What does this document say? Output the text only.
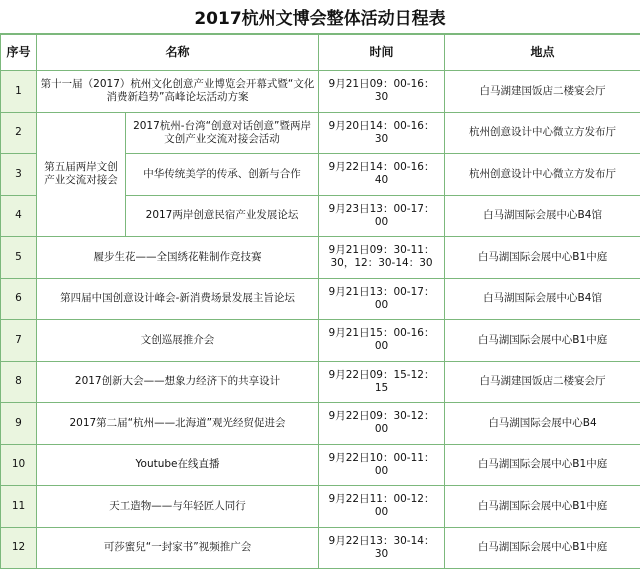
2017杭州文博会整体活动日程表
序号	名称		时间	地点
1	第十一届（2017）杭州文化创意产业博览会开幕式暨“文化消费新趋势”高峰论坛活动方案		9月21日09：00-16：30	白马湖建国饭店二楼宴会厅
2	第五届两岸文创产业交流对接会	2017杭州-台湾“创意对话创意”暨两岸文创产业交流对接会活动	9月20日14：00-16：30	杭州创意设计中心微立方发布厅
3		中华传统美学的传承、创新与合作	9月22日14：00-16：40	杭州创意设计中心微立方发布厅
4		2017两岸创意民宿产业发展论坛	9月23日13：00-17：00	白马湖国际会展中心B4馆
5	履步生花——全国绣花鞋制作竞技赛		9月21日09：30-11：30，12：30-14：30	白马湖国际会展中心B1中庭
6	第四届中国创意设计峰会-新消费场景发展主旨论坛		9月21日13：00-17：00	白马湖国际会展中心B4馆
7	文创巡展推介会		9月21日15：00-16：00	白马湖国际会展中心B1中庭
8	2017创新大会——想象力经济下的共享设计		9月22日09：15-12：15	白马湖建国饭店二楼宴会厅
9	2017第二届“杭州——北海道”观光经贸促进会		9月22日09：30-12：00	白马湖国际会展中心B4
10	Youtube在线直播		9月22日10：00-11：00	白马湖国际会展中心B1中庭
11	天工造物——与年轻匠人同行		9月22日11：00-12：00	白马湖国际会展中心B1中庭
12	可莎蜜兒“一封家书”视频推广会		9月22日13：30-14：30	白马湖国际会展中心B1中庭
